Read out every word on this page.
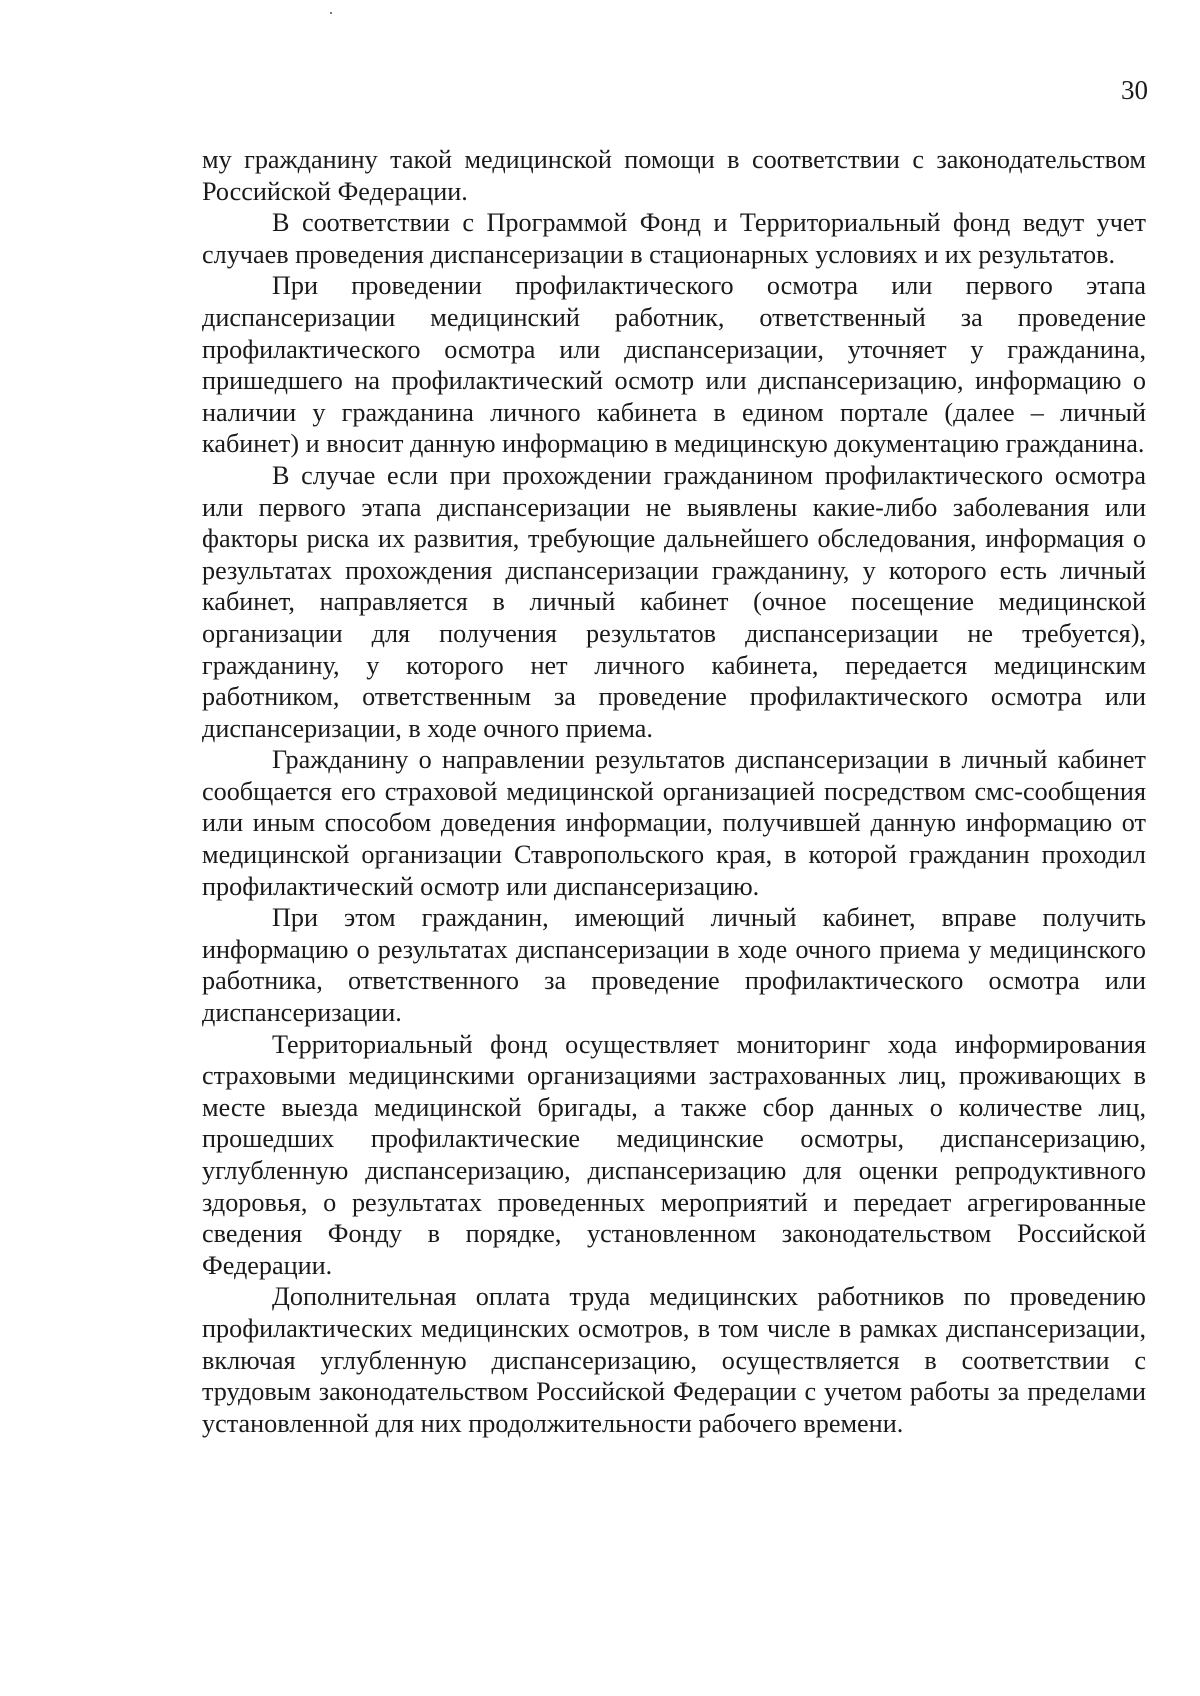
30

му гражданину такой медицинской помощи в соответствии с законодательством Российской Федерации.

В соответствии с Программой Фонд и Территориальный фонд ведут учет случаев проведения диспансеризации в стационарных условиях и их результатов.

При проведении профилактического осмотра или первого этапа диспансеризации медицинский работник, ответственный за проведение профилактического осмотра или диспансеризации, уточняет у гражданина, пришедшего на профилактический осмотр или диспансеризацию, информацию о наличии у гражданина личного кабинета в едином портале (далее – личный кабинет) и вносит данную информацию в медицинскую документацию гражданина.

В случае если при прохождении гражданином профилактического осмотра или первого этапа диспансеризации не выявлены какие-либо заболевания или факторы риска их развития, требующие дальнейшего обследования, информация о результатах прохождения диспансеризации гражданину, у которого есть личный кабинет, направляется в личный кабинет (очное посещение медицинской организации для получения результатов диспансеризации не требуется), гражданину, у которого нет личного кабинета, передается медицинским работником, ответственным за проведение профилактического осмотра или диспансеризации, в ходе очного приема.

Гражданину о направлении результатов диспансеризации в личный кабинет сообщается его страховой медицинской организацией посредством смс-сообщения или иным способом доведения информации, получившей данную информацию от медицинской организации Ставропольского края, в которой гражданин проходил профилактический осмотр или диспансеризацию.

При этом гражданин, имеющий личный кабинет, вправе получить информацию о результатах диспансеризации в ходе очного приема у медицинского работника, ответственного за проведение профилактического осмотра или диспансеризации.

Территориальный фонд осуществляет мониторинг хода информирования страховыми медицинскими организациями застрахованных лиц, проживающих в месте выезда медицинской бригады, а также сбор данных о количестве лиц, прошедших профилактические медицинские осмотры, диспансеризацию, углубленную диспансеризацию, диспансеризацию для оценки репродуктивного здоровья, о результатах проведенных мероприятий и передает агрегированные сведения Фонду в порядке, установленном законодательством Российской Федерации.

Дополнительная оплата труда медицинских работников по проведению профилактических медицинских осмотров, в том числе в рамках диспансеризации, включая углубленную диспансеризацию, осуществляется в соответствии с трудовым законодательством Российской Федерации с учетом работы за пределами установленной для них продолжительности рабочего времени.
